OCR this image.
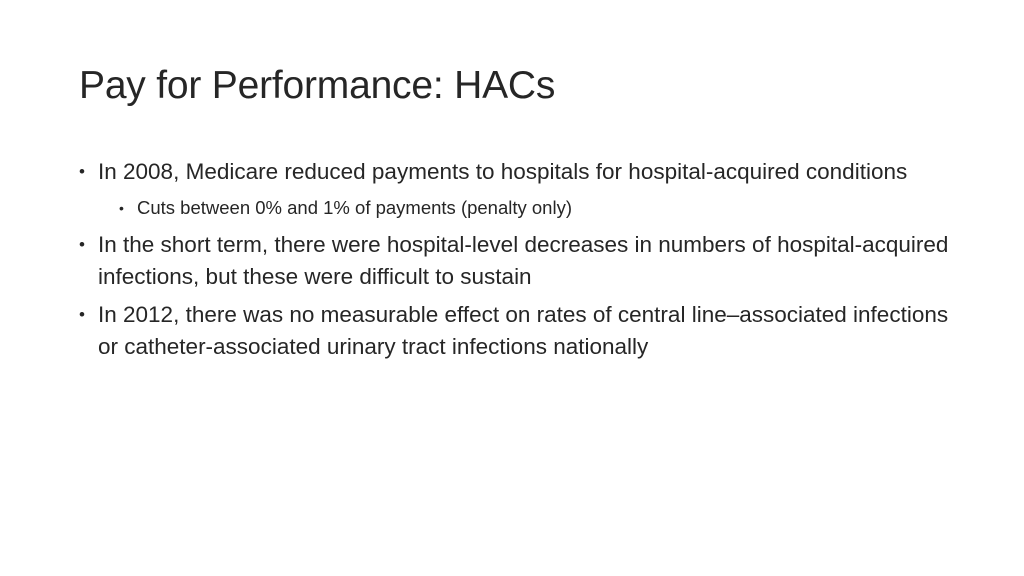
Pay for Performance: HACs
• In 2008, Medicare reduced payments to hospitals for hospital-acquired conditions
• Cuts between 0% and 1% of payments (penalty only)
• In the short term, there were hospital-level decreases in numbers of hospital-acquired infections, but these were difficult to sustain
• In 2012, there was no measurable effect on rates of central line–associated infections or catheter-associated urinary tract infections nationally
